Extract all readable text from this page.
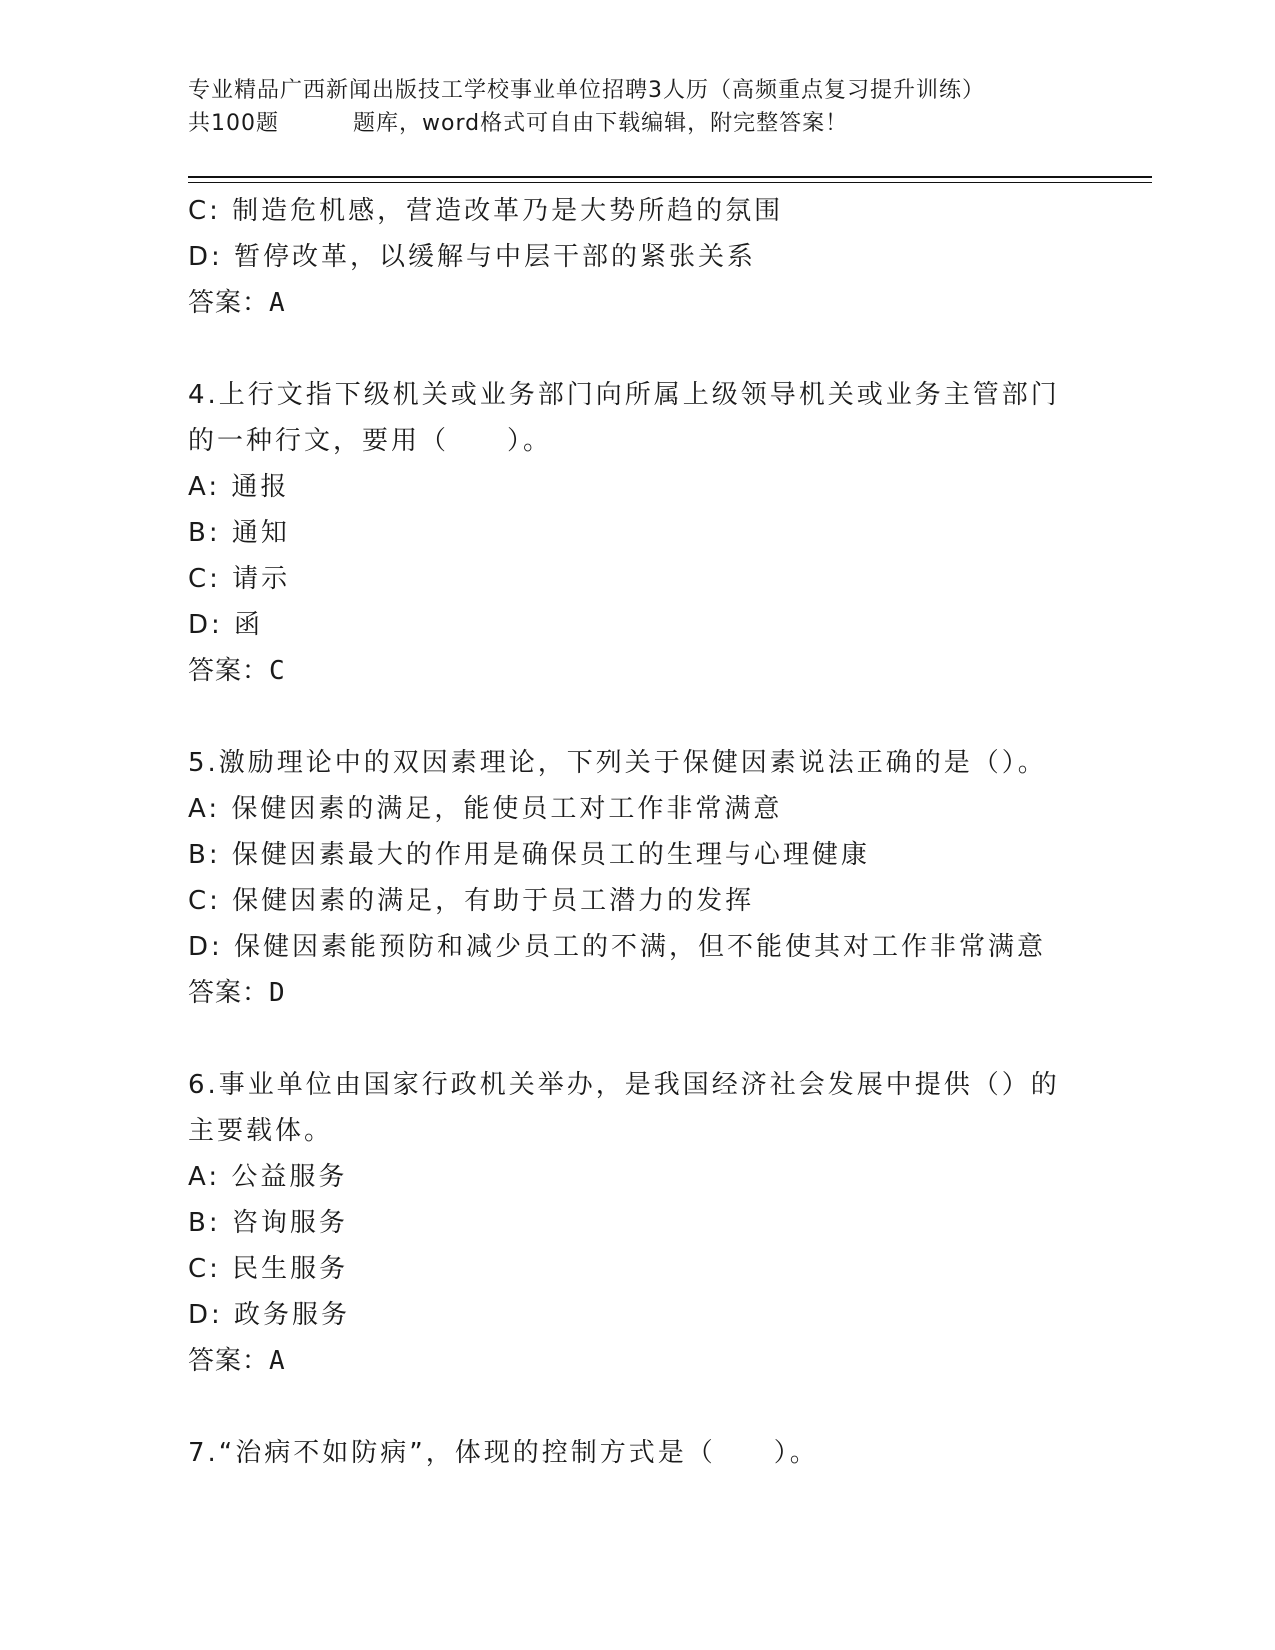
专业精品广西新闻出版技工学校事业单位招聘3人历（高频重点复习提升训练）
共100题	题库，word格式可自由下载编辑，附完整答案！
C: 制造危机感，营造改革乃是大势所趋的氛围
D: 暂停改革，以缓解与中层干部的紧张关系
答案：A
4.上行文指下级机关或业务部门向所属上级领导机关或业务主管部门
的一种行文，要用（　　）。
A: 通报
B: 通知
C: 请示
D: 函
答案：C
5.激励理论中的双因素理论，下列关于保健因素说法正确的是（）。
A: 保健因素的满足，能使员工对工作非常满意
B: 保健因素最大的作用是确保员工的生理与心理健康
C: 保健因素的满足，有助于员工潜力的发挥
D: 保健因素能预防和减少员工的不满，但不能使其对工作非常满意
答案：D
6.事业单位由国家行政机关举办，是我国经济社会发展中提供（）的
主要载体。
A: 公益服务
B: 咨询服务
C: 民生服务
D: 政务服务
答案：A
7.“治病不如防病”，体现的控制方式是（　　）。
